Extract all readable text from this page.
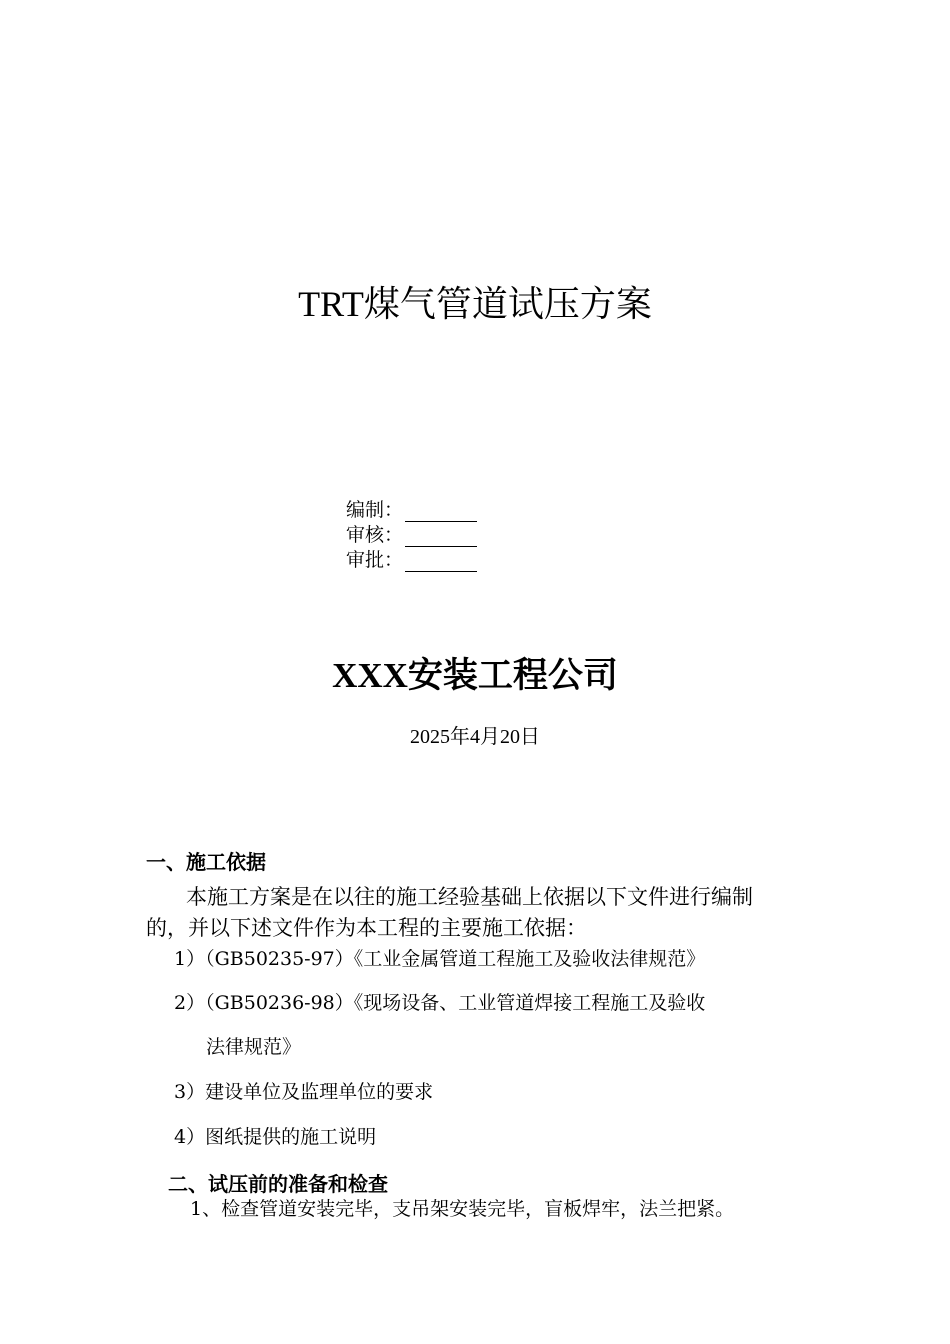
TRT煤气管道试压方案
编制：
审核：
审批：
XXX安装工程公司
2025年4月20日
一、施工依据
本施工方案是在以往的施工经验基础上依据以下文件进行编制
的，并以下述文件作为本工程的主要施工依据：
1）（GB50235-97）《工业金属管道工程施工及验收法律规范》
2）（GB50236-98）《现场设备、工业管道焊接工程施工及验收
法律规范》
3）建设单位及监理单位的要求
4）图纸提供的施工说明
二、试压前的准备和检查
1、检查管道安装完毕，支吊架安装完毕，盲板焊牢，法兰把紧。
